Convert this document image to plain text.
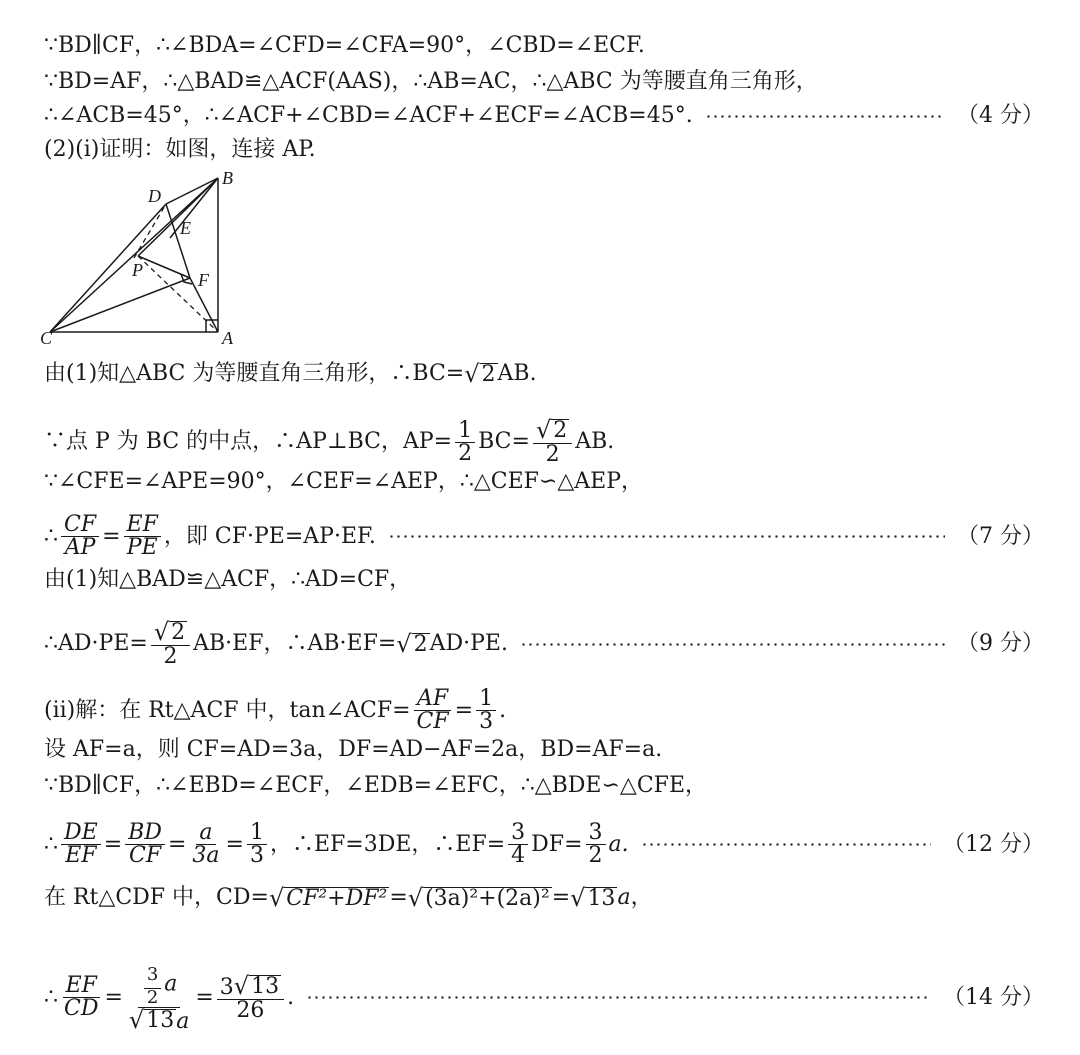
∵BD∥CF，∴∠BDA=∠CFD=∠CFA=90°，∠CBD=∠ECF.
∵BD=AF，∴△BAD≌△ACF(AAS)，∴AB=AC，∴△ABC 为等腰直角三角形，
∴∠ACB=45°，∴∠ACF+∠CBD=∠ACF+∠ECF=∠ACB=45°.	（4 分）
(2)(i)证明：如图，连接 AP.
D
B
E
P	F
C	A
由(1)知△ABC 为等腰直角三角形，∴BC= √ 2 AB.
∵点 P 为 BC 的中点，∴AP⊥BC，$AP= \frac{1}{2} BC= \frac{√ 2}{2}$ AB.
∵∠CFE=∠APE=90°，∠CEF=∠AEP，∴△CEF∽△AEP，
∴ $\frac{CF}{AP} = \frac{EF}{PE}$ ，即 CF·PE=AP·EF.	（7 分）
由(1)知△BAD≌△ACF，∴AD=CF，
∴AD·PE= $\frac{√ 2}{2} AB\cdot EF$，∴AB·EF= √ 2 AD·PE.	（9 分）
(ii)解：在 Rt△ACF 中，tan∠ACF= $\frac{AF}{CF} = \frac{1}{3}$ .
设 AF=a，则 CF=AD=3a，DF=AD−AF=2a，BD=AF=a.
∵BD∥CF，∴∠EBD=∠ECF，∠EDB=∠EFC，∴△BDE∽△CFE，
∴ $\frac{DE}{EF} = \frac{BD}{CF} = \frac{a}{3a} = \frac{1}{3}$ ，∴EF=3DE，∴EF= $\frac{3}{4} DF= \frac{3}{2} a$.	（12 分）
在 Rt△CDF 中，CD= √ CF²+DF² = √ (3a)²+(2a)² = √ 13 a ，
∴ $\frac{EF}{CD} = \frac{\frac{3}{2} a}{√ 13 a} = \frac{3 √ 13}{26}$ .	（14 分）
